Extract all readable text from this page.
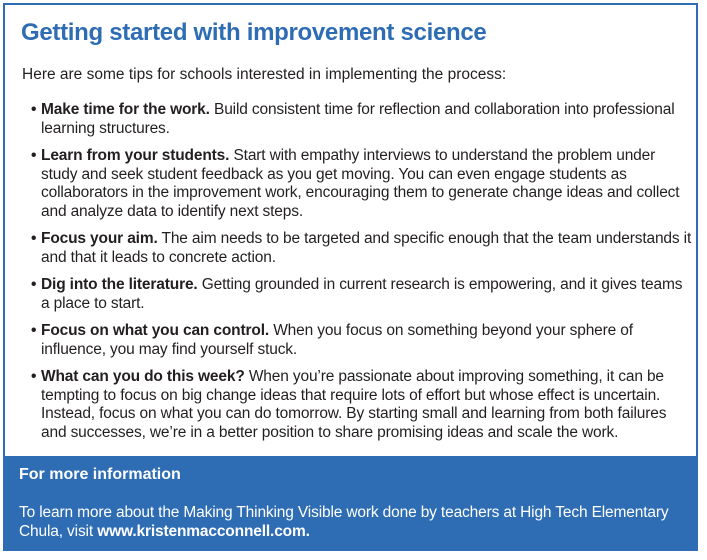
Getting started with improvement science

Here are some tips for schools interested in implementing the process:

• Make time for the work. Build consistent time for reflection and collaboration into professional learning structures.
• Learn from your students. Start with empathy interviews to understand the problem under study and seek student feedback as you get moving. You can even engage students as collaborators in the improvement work, encouraging them to generate change ideas and collect and analyze data to identify next steps.
• Focus your aim. The aim needs to be targeted and specific enough that the team understands it and that it leads to concrete action.
• Dig into the literature. Getting grounded in current research is empowering, and it gives teams a place to start.
• Focus on what you can control. When you focus on something beyond your sphere of influence, you may find yourself stuck.
• What can you do this week? When you’re passionate about improving something, it can be tempting to focus on big change ideas that require lots of effort but whose effect is uncertain. Instead, focus on what you can do tomorrow. By starting small and learning from both failures and successes, we’re in a better position to share promising ideas and scale the work.
For more information

To learn more about the Making Thinking Visible work done by teachers at High Tech Elementary Chula, visit www.kristenmacconnell.com.
